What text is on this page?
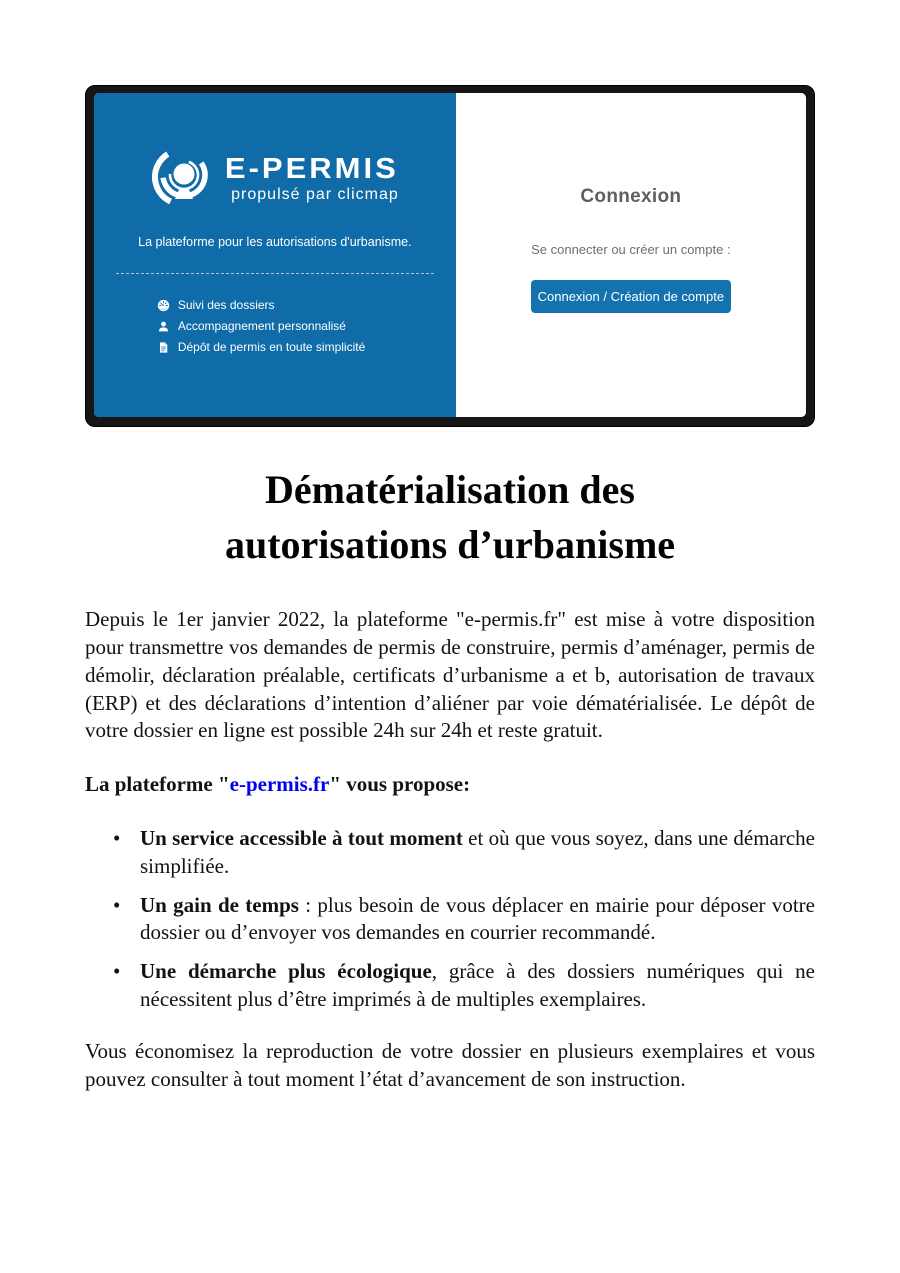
E-PERMIS
propulsé par clicmap
La plateforme pour les autorisations d'urbanisme.
Suivi des dossiers
Accompagnement personnalisé
Dépôt de permis en toute simplicité
Connexion
Se connecter ou créer un compte :
Connexion / Création de compte
Dématérialisation des
autorisations d’urbanisme

Depuis le 1er janvier 2022, la plateforme "e-permis.fr" est mise à votre disposition pour transmettre vos demandes de permis de construire, permis d’aménager, permis de démolir, déclaration préalable, certificats d’urbanisme a et b, autorisation de travaux (ERP) et des déclarations d’intention d’aliéner par voie dématérialisée. Le dépôt de votre dossier en ligne est possible 24h sur 24h et reste gratuit.

La plateforme "e-permis.fr" vous propose:

• Un service accessible à tout moment et où que vous soyez, dans une démarche simplifiée.
• Un gain de temps : plus besoin de vous déplacer en mairie pour déposer votre dossier ou d’envoyer vos demandes en courrier recommandé.
• Une démarche plus écologique, grâce à des dossiers numériques qui ne nécessitent plus d’être imprimés à de multiples exemplaires.

Vous économisez la reproduction de votre dossier en plusieurs exemplaires et vous pouvez consulter à tout moment l’état d’avancement de son instruction.
